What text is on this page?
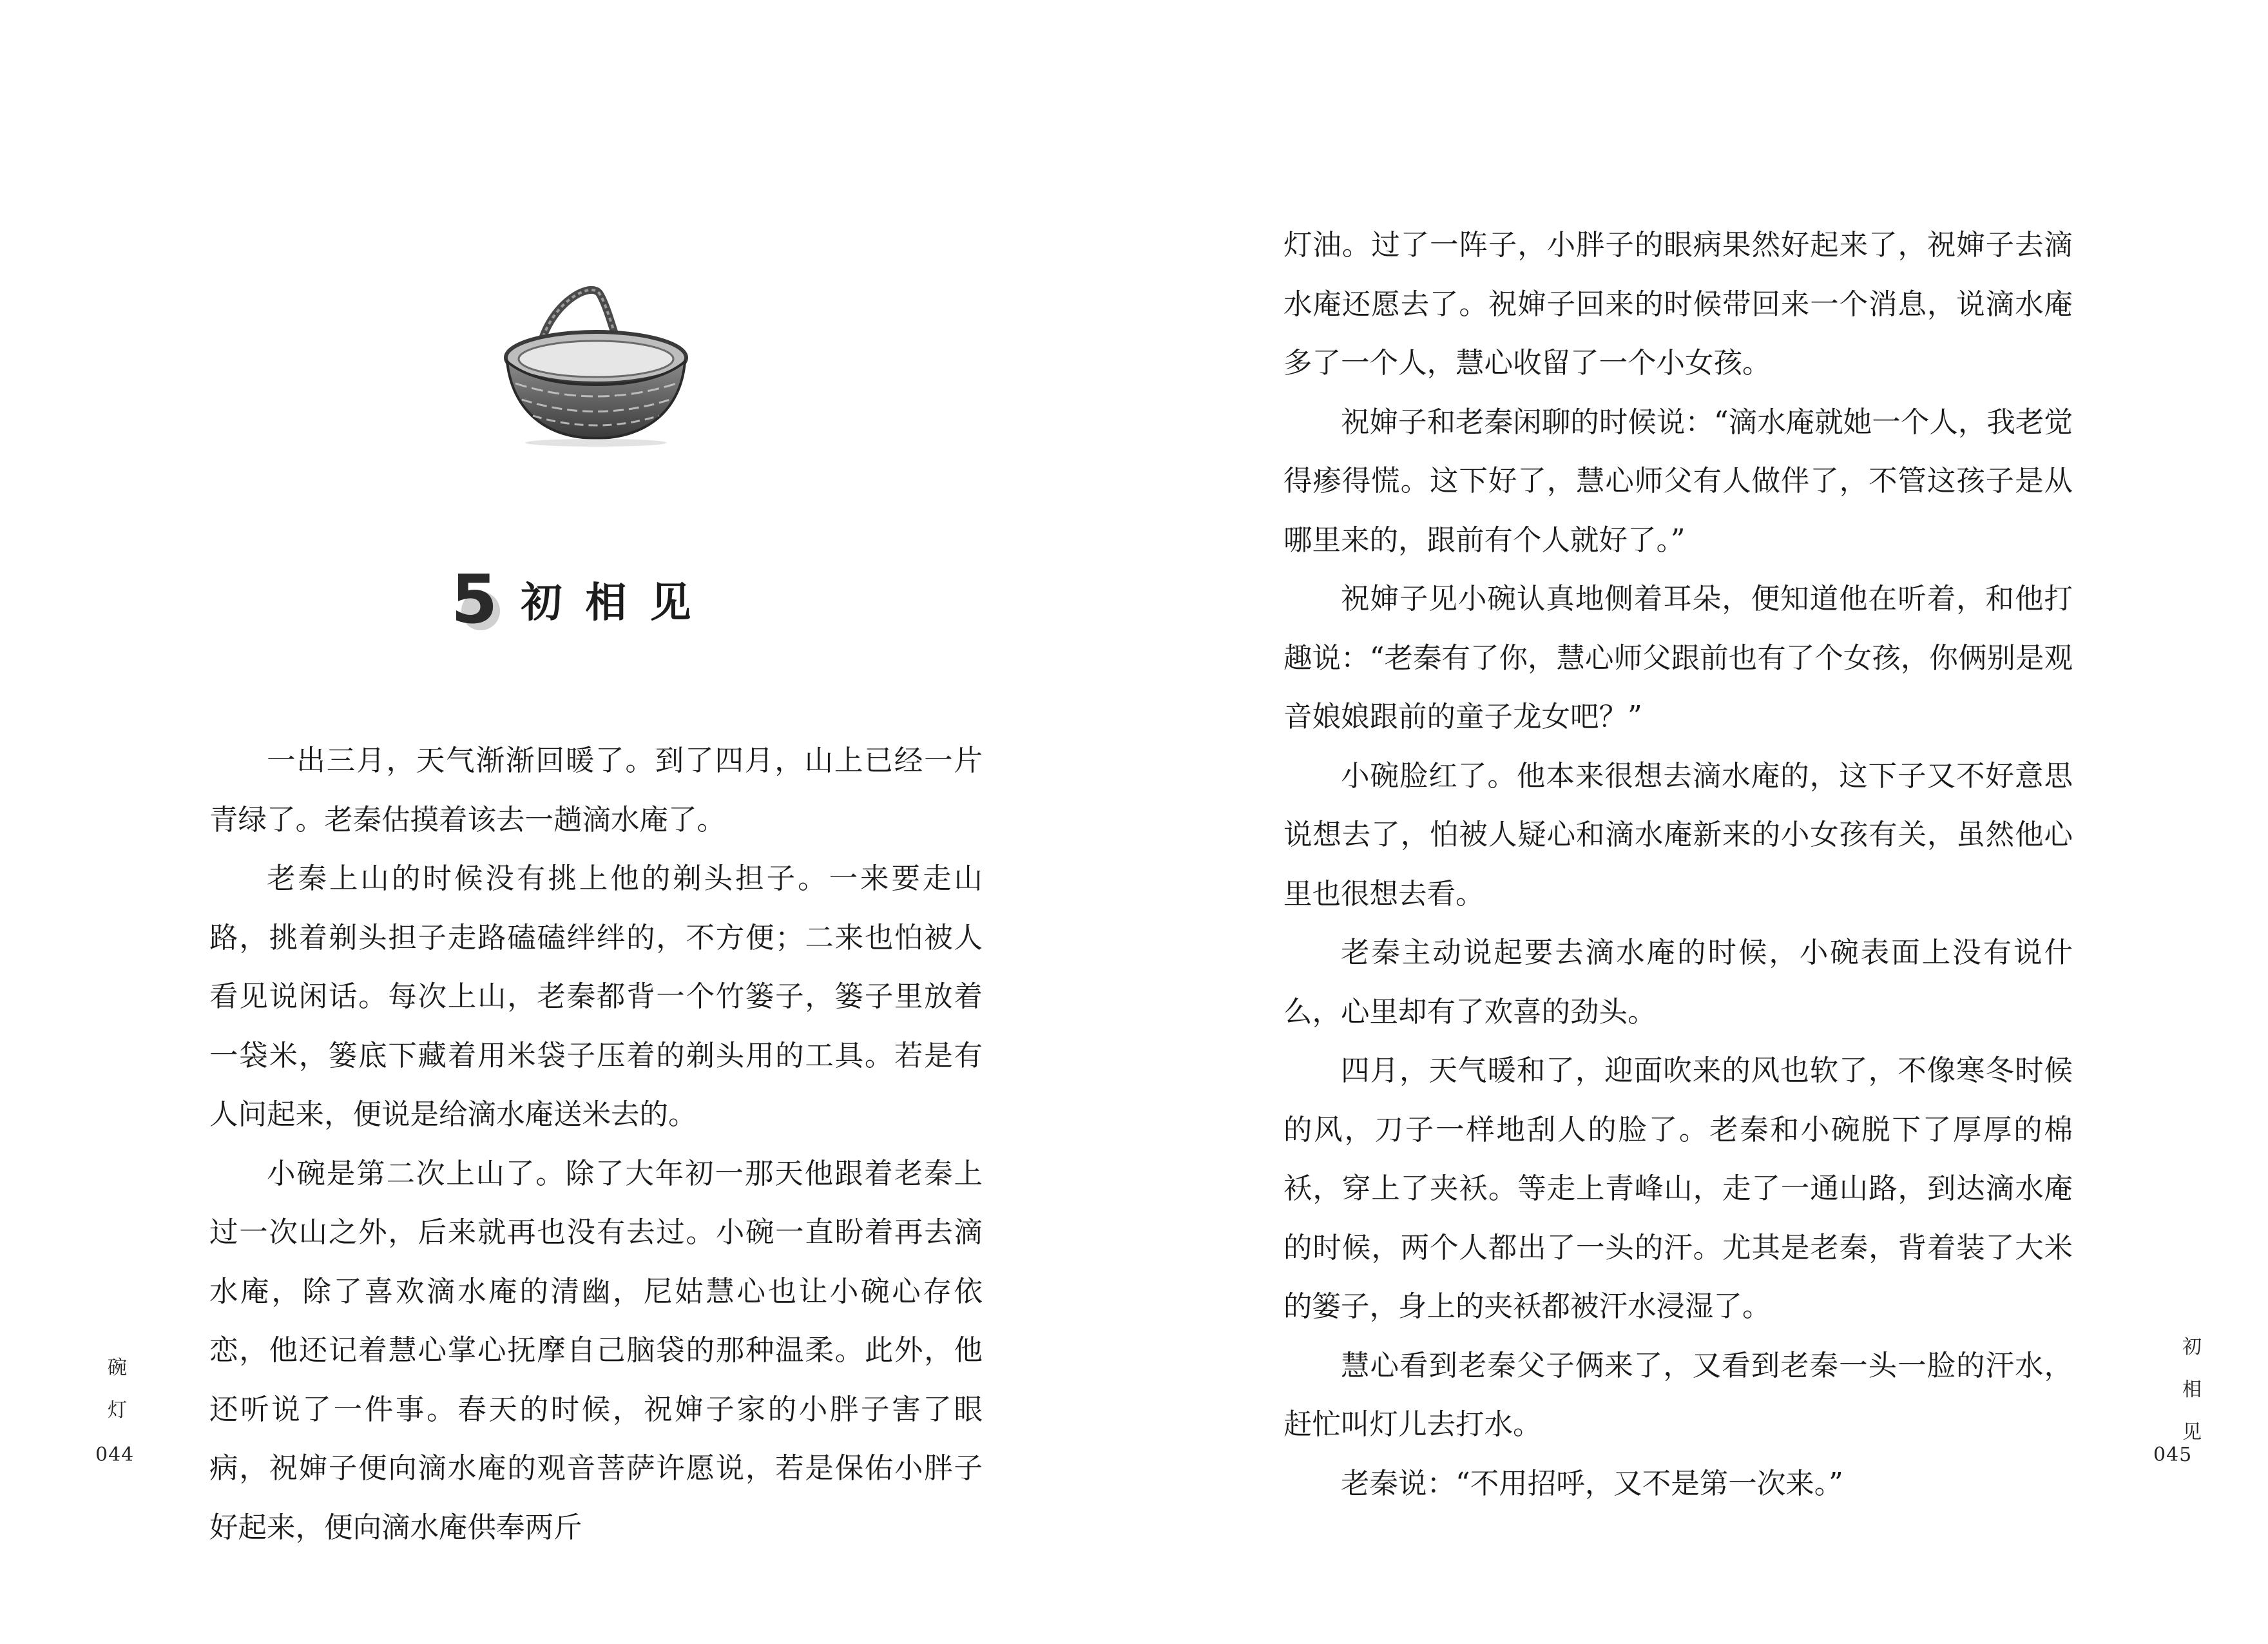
5 初相见

一出三月，天气渐渐回暖了。到了四月，山上已经一片青绿了。老秦估摸着该去一趟滴水庵了。

老秦上山的时候没有挑上他的剃头担子。一来要走山路，挑着剃头担子走路磕磕绊绊的，不方便；二来也怕被人看见说闲话。每次上山，老秦都背一个竹篓子，篓子里放着一袋米，篓底下藏着用米袋子压着的剃头用的工具。若是有人问起来，便说是给滴水庵送米去的。

小碗是第二次上山了。除了大年初一那天他跟着老秦上过一次山之外，后来就再也没有去过。小碗一直盼着再去滴水庵，除了喜欢滴水庵的清幽，尼姑慧心也让小碗心存依恋，他还记着慧心掌心抚摩自己脑袋的那种温柔。此外，他还听说了一件事。春天的时候，祝婶子家的小胖子害了眼病，祝婶子便向滴水庵的观音菩萨许愿说，若是保佑小胖子好起来，便向滴水庵供奉两斤

碗灯
044

灯油。过了一阵子，小胖子的眼病果然好起来了，祝婶子去滴水庵还愿去了。祝婶子回来的时候带回来一个消息，说滴水庵多了一个人，慧心收留了一个小女孩。

祝婶子和老秦闲聊的时候说：“滴水庵就她一个人，我老觉得瘆得慌。这下好了，慧心师父有人做伴了，不管这孩子是从哪里来的，跟前有个人就好了。”

祝婶子见小碗认真地侧着耳朵，便知道他在听着，和他打趣说：“老秦有了你，慧心师父跟前也有了个女孩，你俩别是观音娘娘跟前的童子龙女吧？”

小碗脸红了。他本来很想去滴水庵的，这下子又不好意思说想去了，怕被人疑心和滴水庵新来的小女孩有关，虽然他心里也很想去看。

老秦主动说起要去滴水庵的时候，小碗表面上没有说什么，心里却有了欢喜的劲头。

四月，天气暖和了，迎面吹来的风也软了，不像寒冬时候的风，刀子一样地刮人的脸了。老秦和小碗脱下了厚厚的棉袄，穿上了夹袄。等走上青峰山，走了一通山路，到达滴水庵的时候，两个人都出了一头的汗。尤其是老秦，背着装了大米的篓子，身上的夹袄都被汗水浸湿了。

慧心看到老秦父子俩来了，又看到老秦一头一脸的汗水，赶忙叫灯儿去打水。

老秦说：“不用招呼，又不是第一次来。”

初相见
045
